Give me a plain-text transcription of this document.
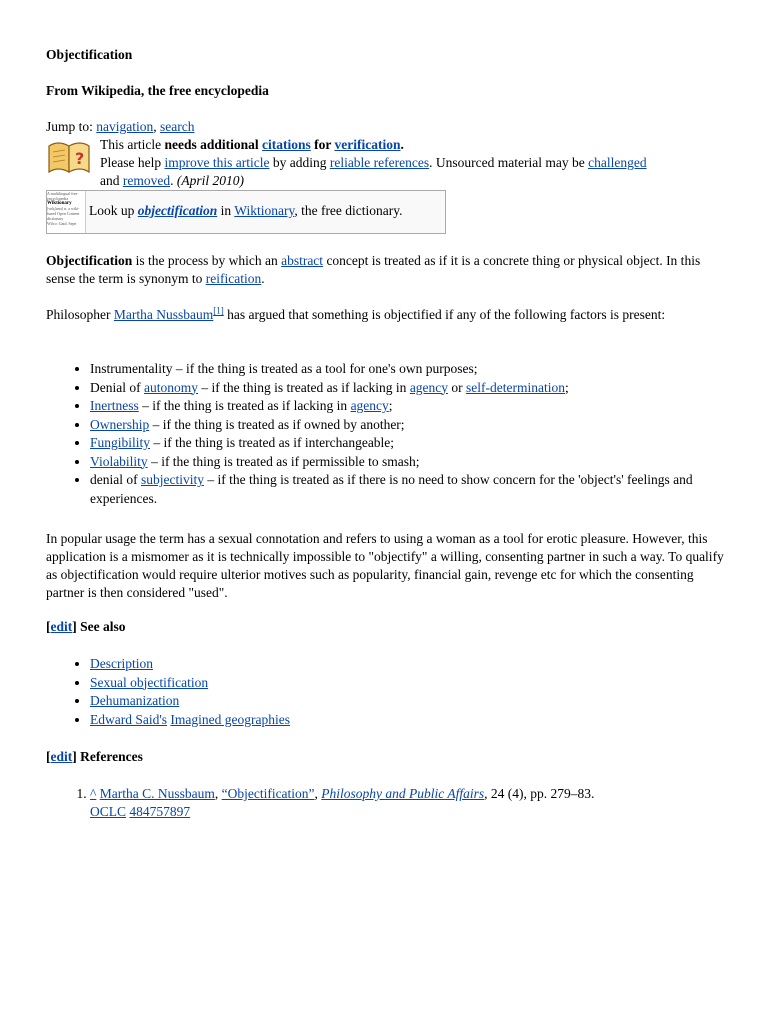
Objectification
From Wikipedia, the free encyclopedia
Jump to: navigation, search
?
This article needs additional citations for verification.
Please help improve this article by adding reliable references. Unsourced material may be challenged
and removed. (April 2010)
A multilingual free encyclopedia
Wiktionary
[wɪkʃənrɪ] n. a wiki-based Open Content dictionary
Wilco: Gatd. Sepe
Look up objectification in Wiktionary, the free dictionary.
Objectification is the process by which an abstract concept is treated as if it is a concrete thing or physical object. In this sense the term is synonym to reification.
Philosopher Martha Nussbaum[1] has argued that something is objectified if any of the following factors is present:
• Instrumentality – if the thing is treated as a tool for one's own purposes;
• Denial of autonomy – if the thing is treated as if lacking in agency or self-determination;
• Inertness – if the thing is treated as if lacking in agency;
• Ownership – if the thing is treated as if owned by another;
• Fungibility – if the thing is treated as if interchangeable;
• Violability – if the thing is treated as if permissible to smash;
• denial of subjectivity – if the thing is treated as if there is no need to show concern for the 'object's' feelings and experiences.
In popular usage the term has a sexual connotation and refers to using a woman as a tool for erotic pleasure. However, this application is a mismomer as it is technically impossible to "objectify" a willing, consenting partner in such a way. To qualify as objectification would require ulterior motives such as popularity, financial gain, revenge etc for which the consenting partner is then considered "used".
[edit] See also
• Description
• Sexual objectification
• Dehumanization
• Edward Said's Imagined geographies
[edit] References
1. ^ Martha C. Nussbaum, “Objectification”, Philosophy and Public Affairs, 24 (4), pp. 279–83.
OCLC 484757897
